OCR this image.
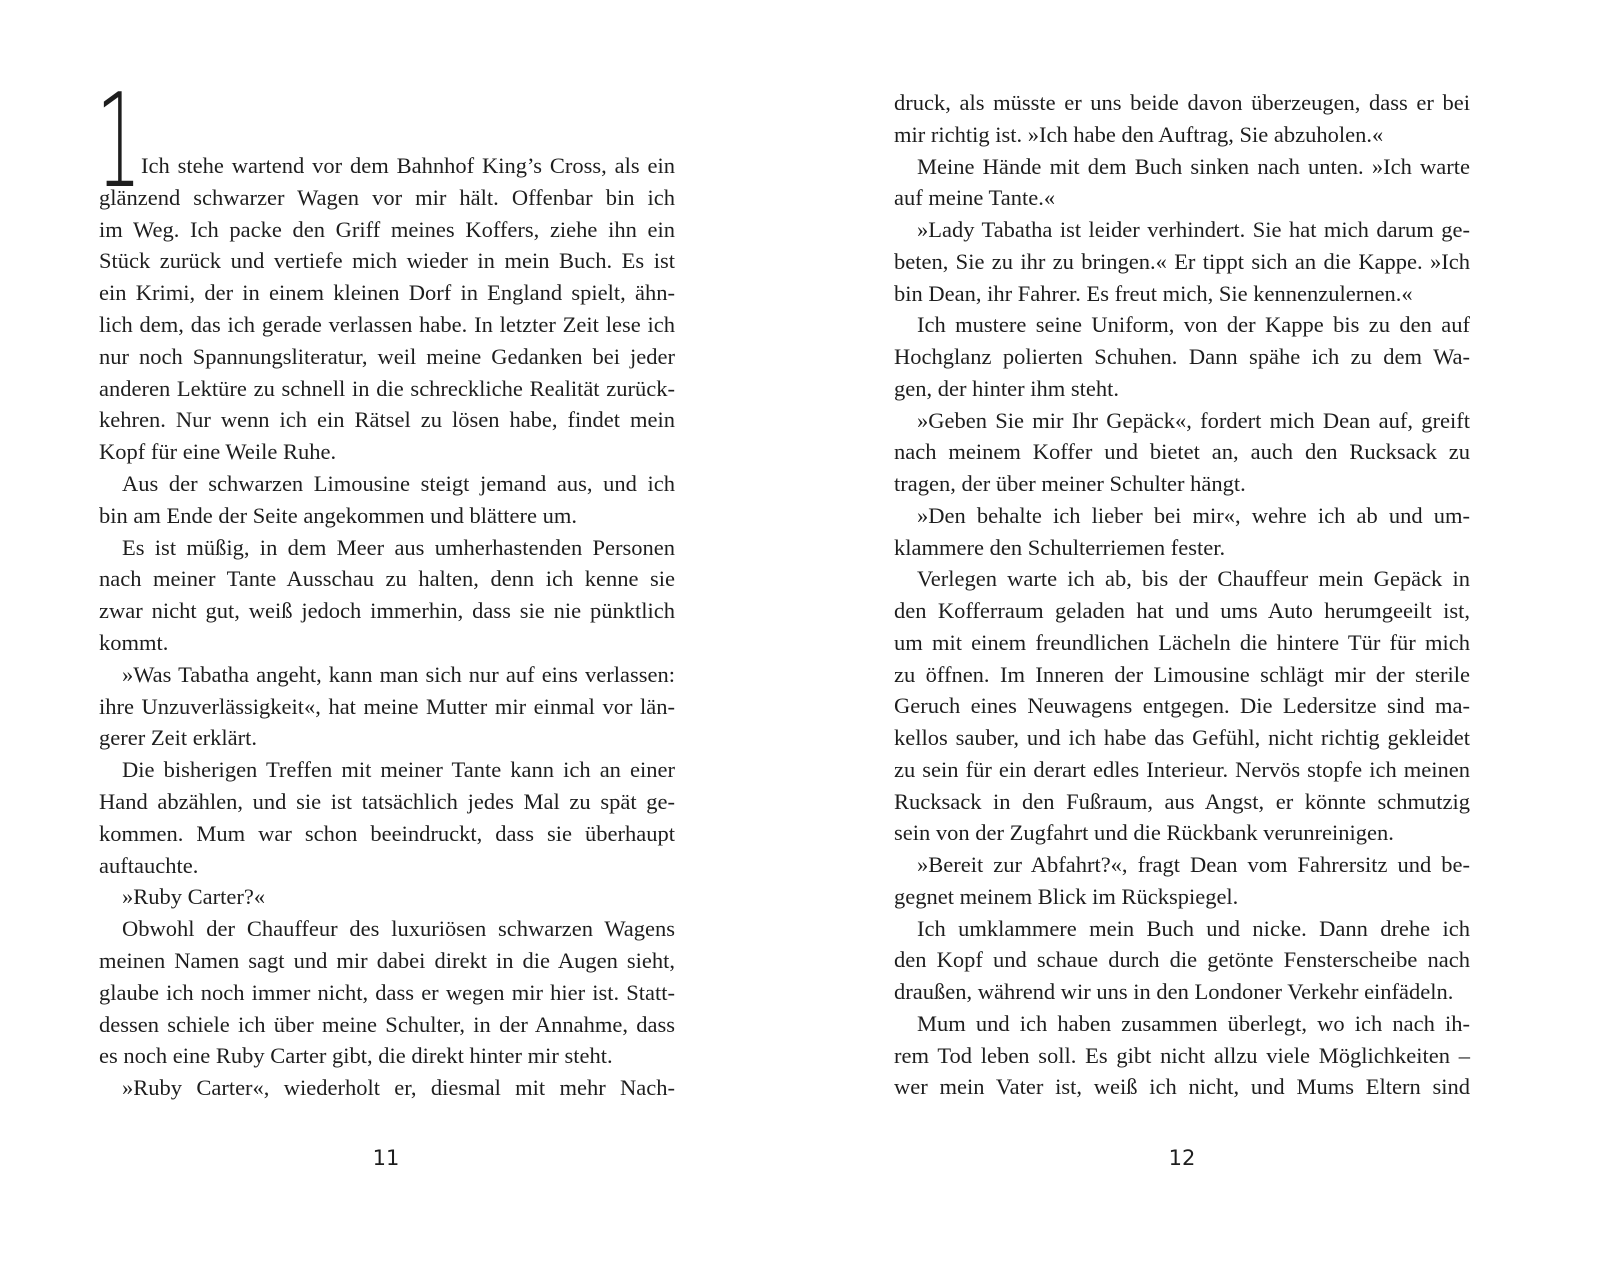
1 Ich stehe wartend vor dem Bahnhof King’s Cross, als ein
glänzend schwarzer Wagen vor mir hält. Offenbar bin ich
im Weg. Ich packe den Griff meines Koffers, ziehe ihn ein
Stück zurück und vertiefe mich wieder in mein Buch. Es ist
ein Krimi, der in einem kleinen Dorf in England spielt, ähn-
lich dem, das ich gerade verlassen habe. In letzter Zeit lese ich
nur noch Spannungsliteratur, weil meine Gedanken bei jeder
anderen Lektüre zu schnell in die schreckliche Realität zurück-
kehren. Nur wenn ich ein Rätsel zu lösen habe, findet mein
Kopf für eine Weile Ruhe.
Aus der schwarzen Limousine steigt jemand aus, und ich
bin am Ende der Seite angekommen und blättere um.
Es ist müßig, in dem Meer aus umherhastenden Personen
nach meiner Tante Ausschau zu halten, denn ich kenne sie
zwar nicht gut, weiß jedoch immerhin, dass sie nie pünktlich
kommt.
»Was Tabatha angeht, kann man sich nur auf eins verlassen:
ihre Unzuverlässigkeit«, hat meine Mutter mir einmal vor län-
gerer Zeit erklärt.
Die bisherigen Treffen mit meiner Tante kann ich an einer
Hand abzählen, und sie ist tatsächlich jedes Mal zu spät ge-
kommen. Mum war schon beeindruckt, dass sie überhaupt
auftauchte.
»Ruby Carter?«
Obwohl der Chauffeur des luxuriösen schwarzen Wagens
meinen Namen sagt und mir dabei direkt in die Augen sieht,
glaube ich noch immer nicht, dass er wegen mir hier ist. Statt-
dessen schiele ich über meine Schulter, in der Annahme, dass
es noch eine Ruby Carter gibt, die direkt hinter mir steht.
»Ruby Carter«, wiederholt er, diesmal mit mehr Nach-
11
druck, als müsste er uns beide davon überzeugen, dass er bei
mir richtig ist. »Ich habe den Auftrag, Sie abzuholen.«
Meine Hände mit dem Buch sinken nach unten. »Ich warte
auf meine Tante.«
»Lady Tabatha ist leider verhindert. Sie hat mich darum ge-
beten, Sie zu ihr zu bringen.« Er tippt sich an die Kappe. »Ich
bin Dean, ihr Fahrer. Es freut mich, Sie kennenzulernen.«
Ich mustere seine Uniform, von der Kappe bis zu den auf
Hochglanz polierten Schuhen. Dann spähe ich zu dem Wa-
gen, der hinter ihm steht.
»Geben Sie mir Ihr Gepäck«, fordert mich Dean auf, greift
nach meinem Koffer und bietet an, auch den Rucksack zu
tragen, der über meiner Schulter hängt.
»Den behalte ich lieber bei mir«, wehre ich ab und um-
klammere den Schulterriemen fester.
Verlegen warte ich ab, bis der Chauffeur mein Gepäck in
den Kofferraum geladen hat und ums Auto herumgeeilt ist,
um mit einem freundlichen Lächeln die hintere Tür für mich
zu öffnen. Im Inneren der Limousine schlägt mir der sterile
Geruch eines Neuwagens entgegen. Die Ledersitze sind ma-
kellos sauber, und ich habe das Gefühl, nicht richtig gekleidet
zu sein für ein derart edles Interieur. Nervös stopfe ich meinen
Rucksack in den Fußraum, aus Angst, er könnte schmutzig
sein von der Zugfahrt und die Rückbank verunreinigen.
»Bereit zur Abfahrt?«, fragt Dean vom Fahrersitz und be-
gegnet meinem Blick im Rückspiegel.
Ich umklammere mein Buch und nicke. Dann drehe ich
den Kopf und schaue durch die getönte Fensterscheibe nach
draußen, während wir uns in den Londoner Verkehr einfädeln.
Mum und ich haben zusammen überlegt, wo ich nach ih-
rem Tod leben soll. Es gibt nicht allzu viele Möglichkeiten –
wer mein Vater ist, weiß ich nicht, und Mums Eltern sind
12
